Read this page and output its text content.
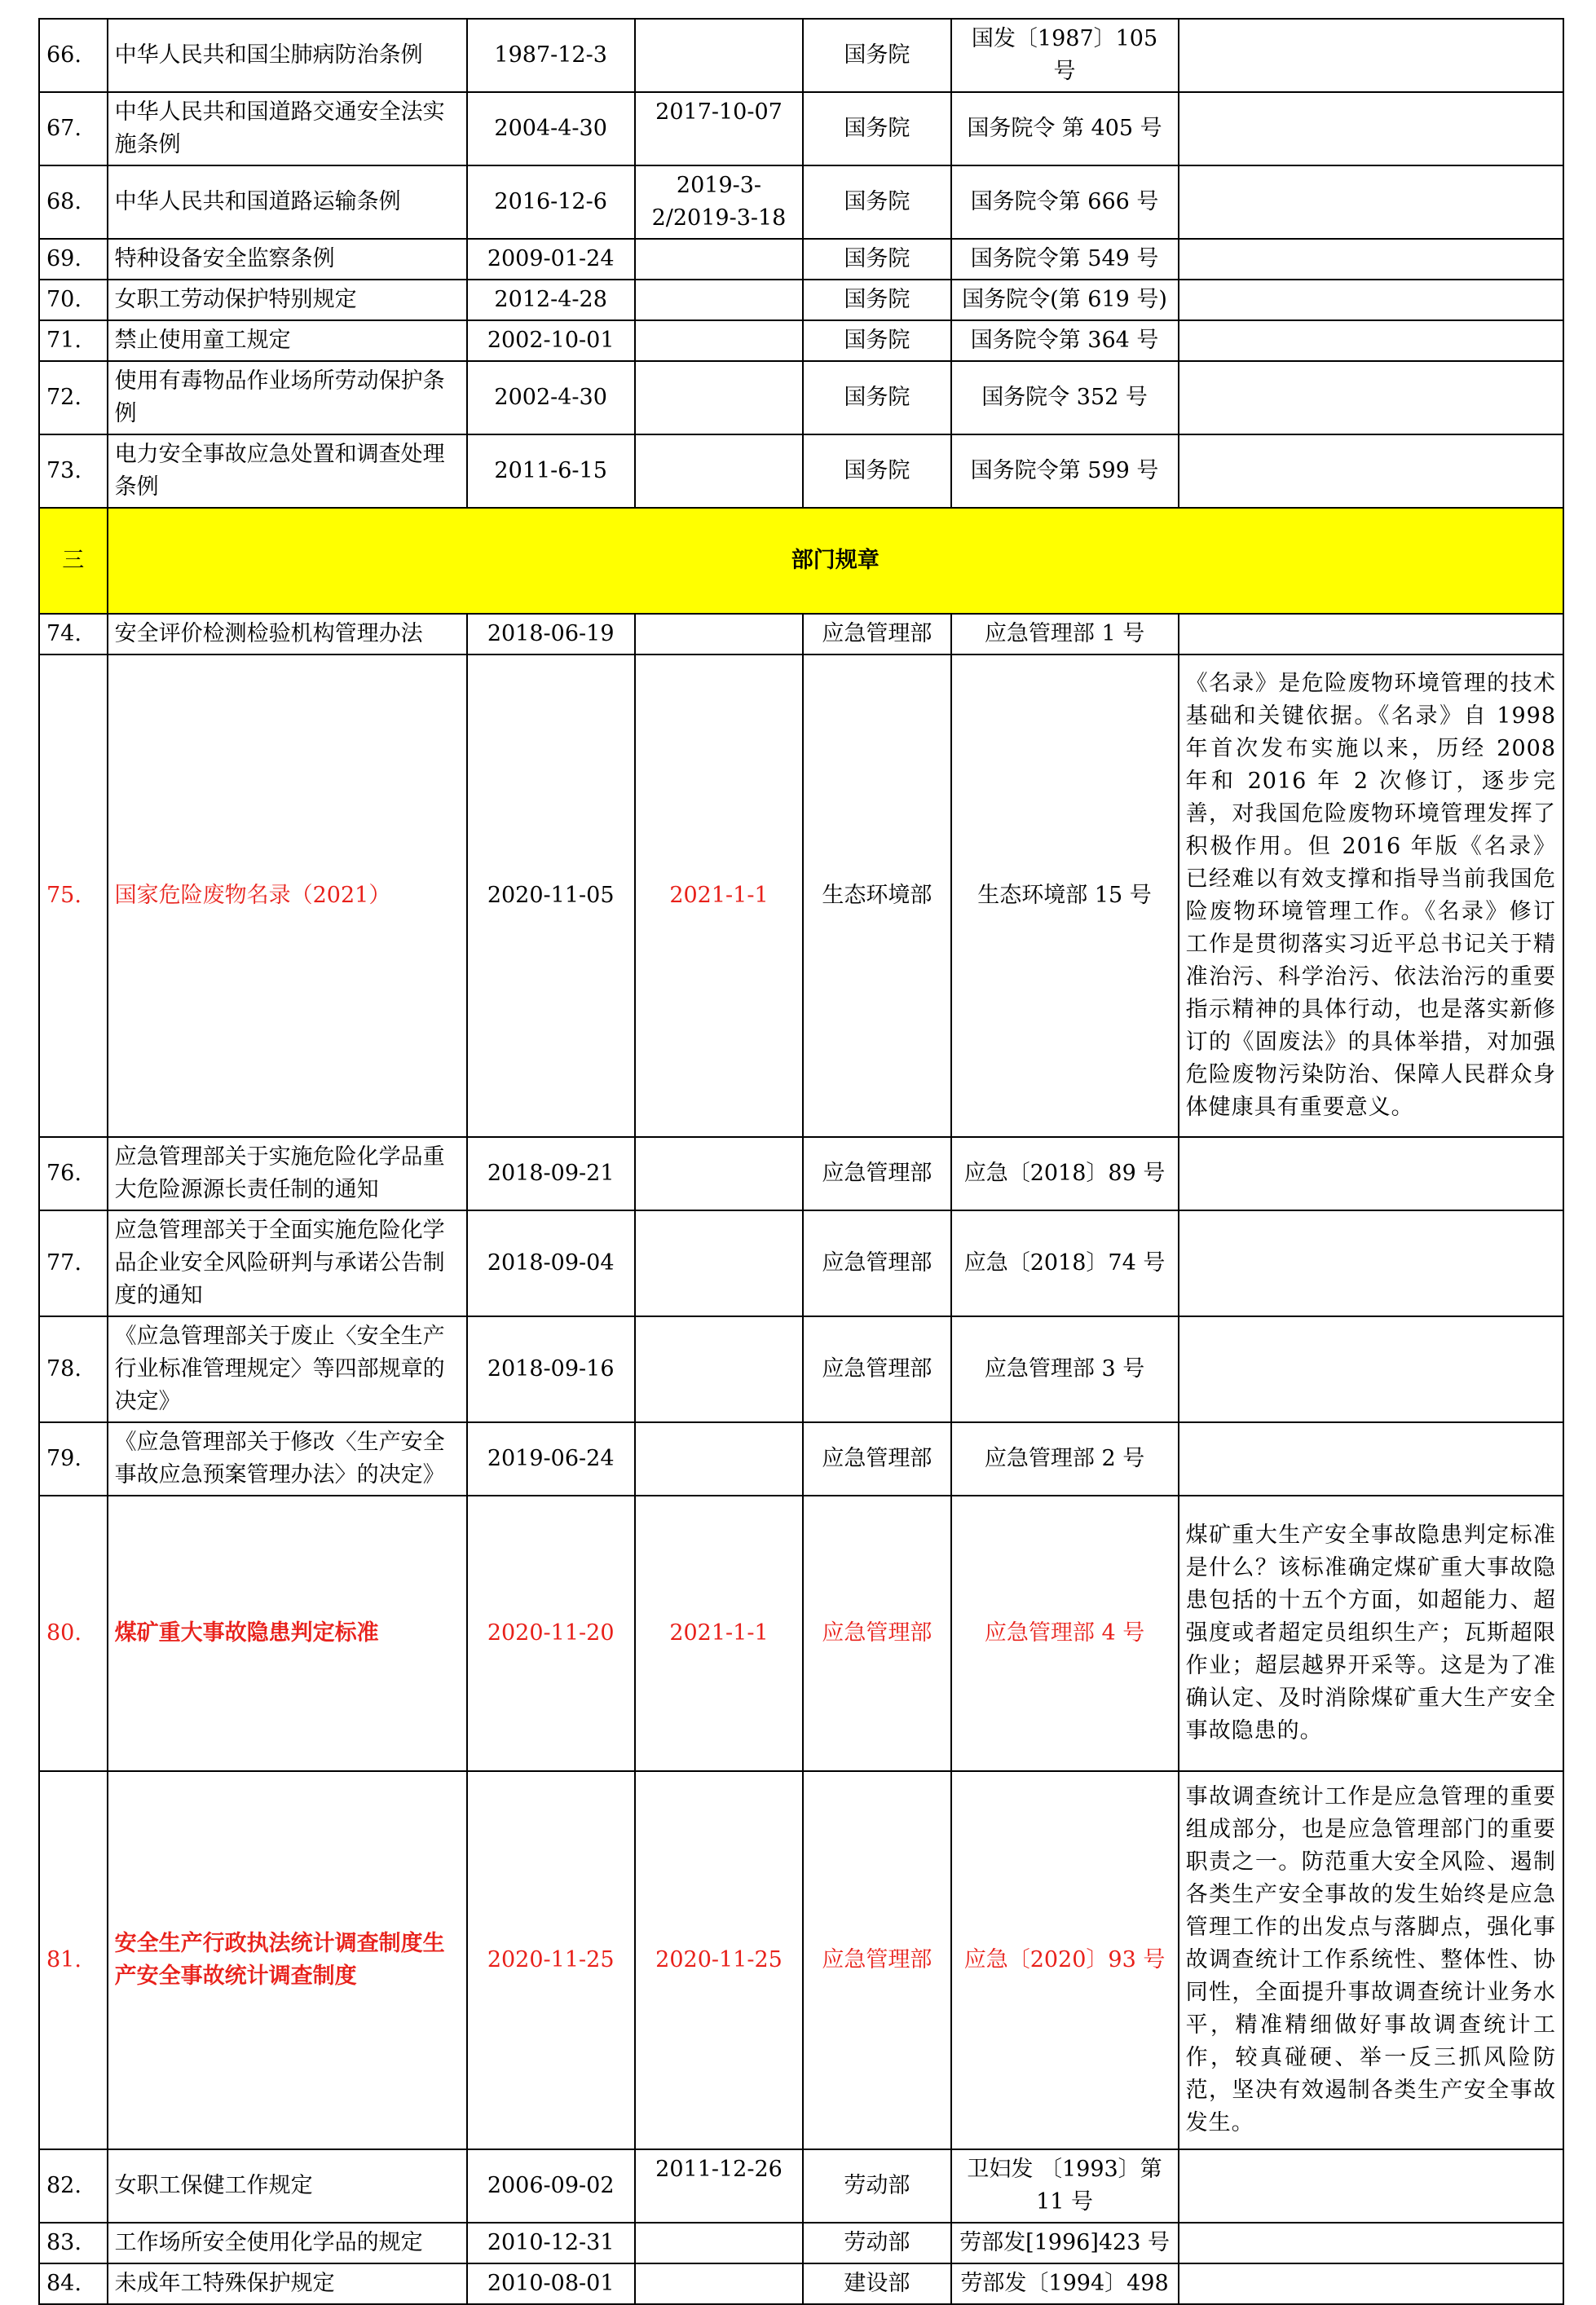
66.	中华人民共和国尘肺病防治条例	1987-12-3		国务院	国发〔1987〕105 号	
67.	中华人民共和国道路交通安全法实施条例	2004-4-30	2017-10-07	国务院	国务院令 第 405 号	
68.	中华人民共和国道路运输条例	2016-12-6	2019-3-2/2019-3-18	国务院	国务院令第 666 号	
69.	特种设备安全监察条例	2009-01-24		国务院	国务院令第 549 号	
70.	女职工劳动保护特别规定	2012-4-28		国务院	国务院令(第 619 号)	
71.	禁止使用童工规定	2002-10-01		国务院	国务院令第 364 号	
72.	使用有毒物品作业场所劳动保护条例	2002-4-30		国务院	国务院令 352 号	
73.	电力安全事故应急处置和调查处理条例	2011-6-15		国务院	国务院令第 599 号	
三	部门规章					
74.	安全评价检测检验机构管理办法	2018-06-19		应急管理部	应急管理部 1 号	
75.	国家危险废物名录（2021）	2020-11-05	2021-1-1	生态环境部	生态环境部 15 号	《名录》是危险废物环境管理的技术基础和关键依据。《名录》自 1998 年首次发布实施以来，历经 2008 年和 2016 年 2 次修订，逐步完善，对我国危险废物环境管理发挥了积极作用。但 2016 年版《名录》已经难以有效支撑和指导当前我国危险废物环境管理工作。《名录》修订工作是贯彻落实习近平总书记关于精准治污、科学治污、依法治污的重要指示精神的具体行动，也是落实新修订的《固废法》的具体举措，对加强危险废物污染防治、保障人民群众身体健康具有重要意义。
76.	应急管理部关于实施危险化学品重大危险源源长责任制的通知	2018-09-21		应急管理部	应急〔2018〕89 号	
77.	应急管理部关于全面实施危险化学品企业安全风险研判与承诺公告制度的通知	2018-09-04		应急管理部	应急〔2018〕74 号	
78.	《应急管理部关于废止〈安全生产行业标准管理规定〉等四部规章的决定》	2018-09-16		应急管理部	应急管理部 3 号	
79.	《应急管理部关于修改〈生产安全事故应急预案管理办法〉的决定》	2019-06-24		应急管理部	应急管理部 2 号	
80.	煤矿重大事故隐患判定标准	2020-11-20	2021-1-1	应急管理部	应急管理部 4 号	煤矿重大生产安全事故隐患判定标准是什么？该标准确定煤矿重大事故隐患包括的十五个方面，如超能力、超强度或者超定员组织生产；瓦斯超限作业；超层越界开采等。这是为了准确认定、及时消除煤矿重大生产安全事故隐患的。
81.	安全生产行政执法统计调查制度生产安全事故统计调查制度	2020-11-25	2020-11-25	应急管理部	应急〔2020〕93 号	事故调查统计工作是应急管理的重要组成部分，也是应急管理部门的重要职责之一。防范重大安全风险、遏制各类生产安全事故的发生始终是应急管理工作的出发点与落脚点，强化事故调查统计工作系统性、整体性、协同性，全面提升事故调查统计业务水平，精准精细做好事故调查统计工作，较真碰硬、举一反三抓风险防范，坚决有效遏制各类生产安全事故发生。
82.	女职工保健工作规定	2006-09-02	2011-12-26	劳动部	卫妇发 〔1993〕第 11 号	
83.	工作场所安全使用化学品的规定	2010-12-31		劳动部	劳部发[1996]423 号	
84.	未成年工特殊保护规定	2010-08-01		建设部	劳部发〔1994〕498	
